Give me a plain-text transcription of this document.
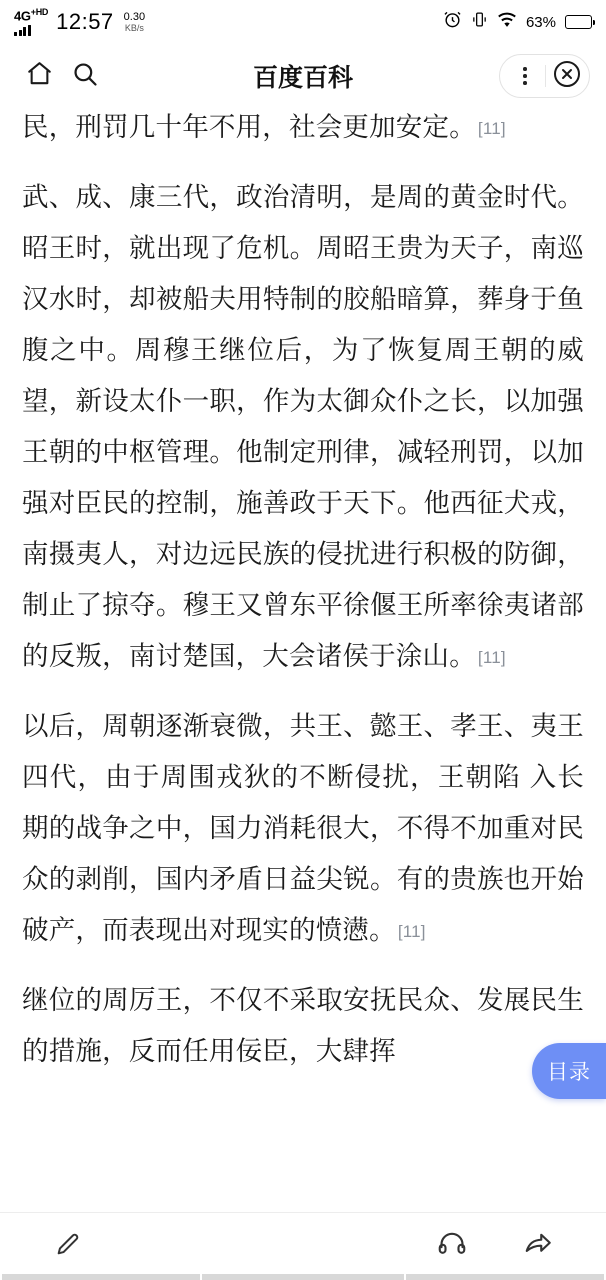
$4G^{+HD}$ 12:57 0.30
KB/s	63%
百度百科

民，刑罚几十年不用，社会更加安定。 [11]

武、成、康三代，政治清明，是周的黄金时代。昭王时，就出现了危机。周昭王贵为天子，南巡汉水时，却被船夫用特制的胶船暗算，葬身于鱼腹之中。周穆王继位后，为了恢复周王朝的威望，新设太仆一职，作为太御众仆之长，以加强王朝的中枢管理。他制定刑律，减轻刑罚，以加强对臣民的控制，施善政于天下。他西征犬戎，南摄夷人，对边远民族的侵扰进行积极的防御，制止了掠夺。穆王又曾东平徐偃王所率徐夷诸部的反叛，南讨楚国，大会诸侯于涂山。 [11]

以后，周朝逐渐衰微，共王、懿王、孝王、夷王四代，由于周围戎狄的不断侵扰，王朝陷 入长期的战争之中，国力消耗很大，不得不加重对民众的剥削，国内矛盾日益尖锐。有的贵族也开始破产，而表现出对现实的愤懑。 [11]

继位的周厉王，不仅不采取安抚民众、发展民生的措施，反而任用佞臣，大肆挥

目录
